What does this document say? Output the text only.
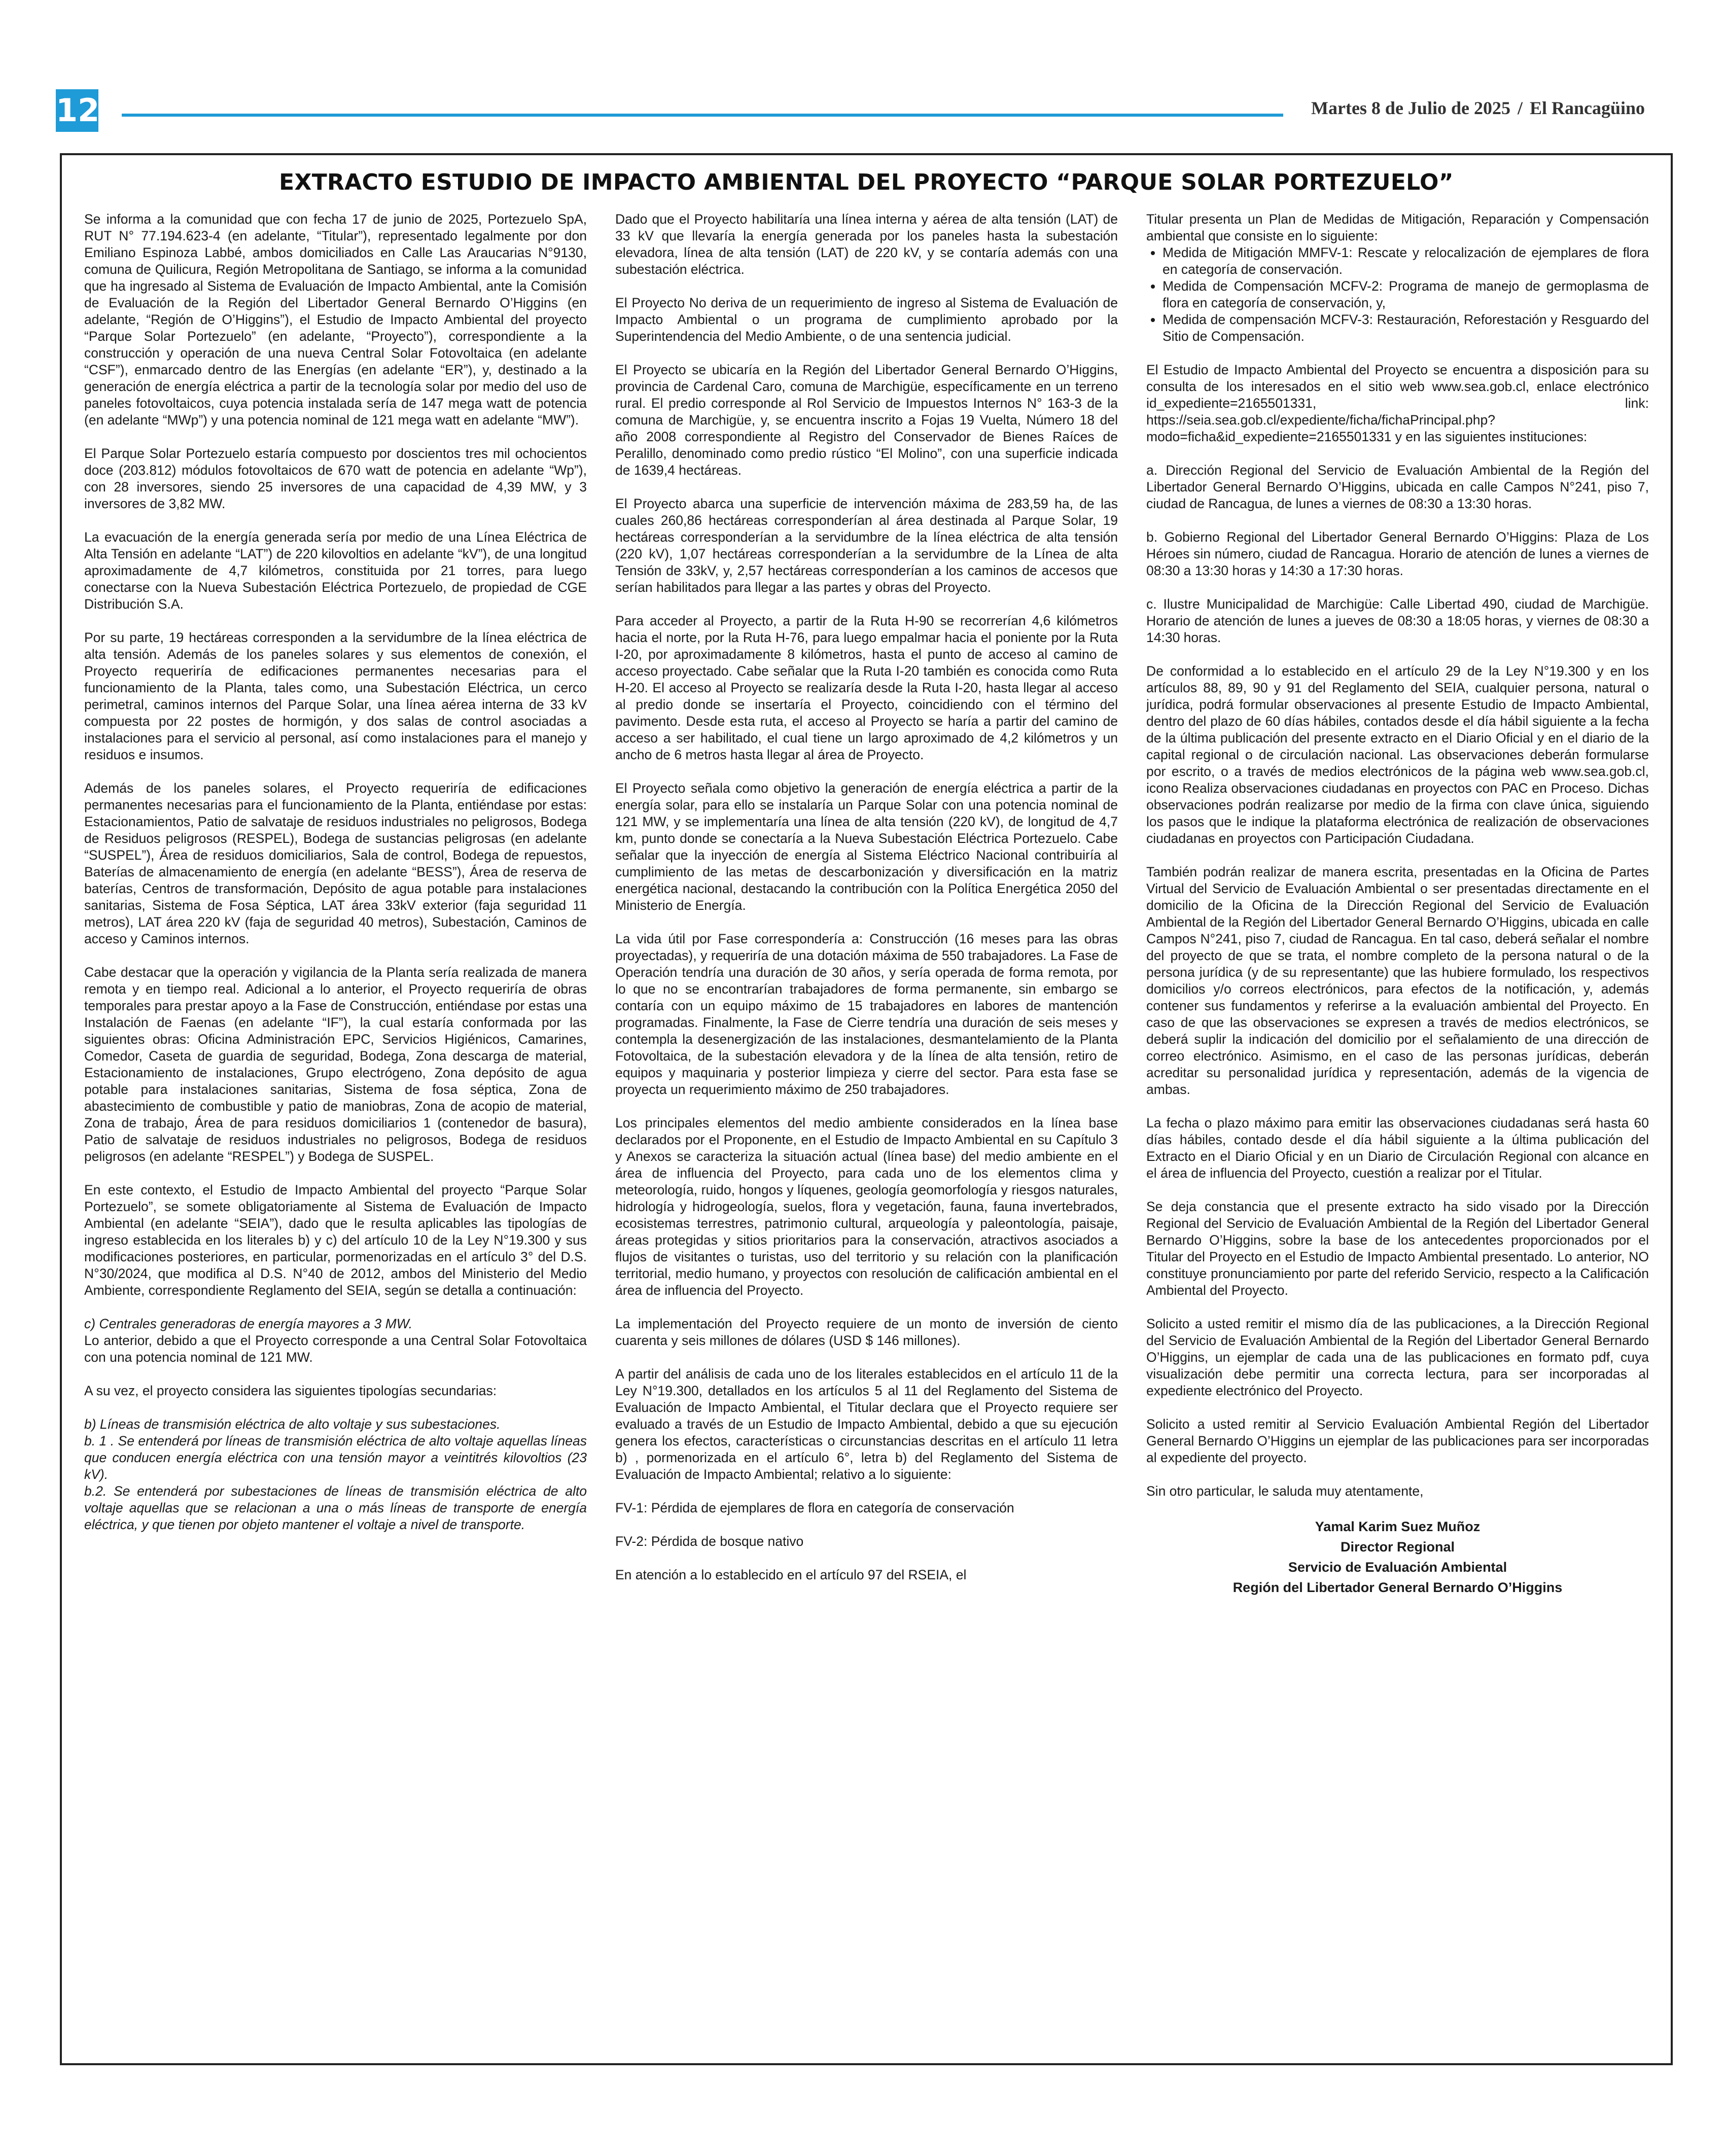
12	Martes 8 de Julio de 2025 / El Rancagüino
EXTRACTO ESTUDIO DE IMPACTO AMBIENTAL DEL PROYECTO “PARQUE SOLAR PORTEZUELO”

Se informa a la comunidad que con fecha 17 de junio de 2025, Portezuelo SpA, RUT N° 77.194.623-4 (en adelante, “Titular”), representado legalmente por don Emiliano Espinoza Labbé, ambos domiciliados en Calle Las Araucarias N°9130, comuna de Quilicura, Región Metropolitana de Santiago, se informa a la comunidad que ha ingresado al Sistema de Evaluación de Impacto Ambiental, ante la Comisión de Evaluación de la Región del Libertador General Bernardo O’Higgins (en adelante, “Región de O’Higgins”), el Estudio de Impacto Ambiental del proyecto “Parque Solar Portezuelo” (en adelante, “Proyecto”), correspondiente a la construcción y operación de una nueva Central Solar Fotovoltaica (en adelante “CSF”), enmarcado dentro de las Energías (en adelante “ER”), y, destinado a la generación de energía eléctrica a partir de la tecnología solar por medio del uso de paneles fotovoltaicos, cuya potencia instalada sería de 147 mega watt de potencia (en adelante “MWp”) y una potencia nominal de 121 mega watt en adelante “MW”).

El Parque Solar Portezuelo estaría compuesto por doscientos tres mil ochocientos doce (203.812) módulos fotovoltaicos de 670 watt de potencia en adelante “Wp”), con 28 inversores, siendo 25 inversores de una capacidad de 4,39 MW, y 3 inversores de 3,82 MW.

La evacuación de la energía generada sería por medio de una Línea Eléctrica de Alta Tensión en adelante “LAT”) de 220 kilovoltios en adelante “kV”), de una longitud aproximadamente de 4,7 kilómetros, constituida por 21 torres, para luego conectarse con la Nueva Subestación Eléctrica Portezuelo, de propiedad de CGE Distribución S.A.

Por su parte, 19 hectáreas corresponden a la servidumbre de la línea eléctrica de alta tensión. Además de los paneles solares y sus elementos de conexión, el Proyecto requeriría de edificaciones permanentes necesarias para el funcionamiento de la Planta, tales como, una Subestación Eléctrica, un cerco perimetral, caminos internos del Parque Solar, una línea aérea interna de 33 kV compuesta por 22 postes de hormigón, y dos salas de control asociadas a instalaciones para el servicio al personal, así como instalaciones para el manejo y residuos e insumos.

Además de los paneles solares, el Proyecto requeriría de edificaciones permanentes necesarias para el funcionamiento de la Planta, entiéndase por estas: Estacionamientos, Patio de salvataje de residuos industriales no peligrosos, Bodega de Residuos peligrosos (RESPEL), Bodega de sustancias peligrosas (en adelante “SUSPEL”), Área de residuos domiciliarios, Sala de control, Bodega de repuestos, Baterías de almacenamiento de energía (en adelante “BESS”), Área de reserva de baterías, Centros de transformación, Depósito de agua potable para instalaciones sanitarias, Sistema de Fosa Séptica, LAT área 33kV exterior (faja seguridad 11 metros), LAT área 220 kV (faja de seguridad 40 metros), Subestación, Caminos de acceso y Caminos internos.

Cabe destacar que la operación y vigilancia de la Planta sería realizada de manera remota y en tiempo real. Adicional a lo anterior, el Proyecto requeriría de obras temporales para prestar apoyo a la Fase de Construcción, entiéndase por estas una Instalación de Faenas (en adelante “IF”), la cual estaría conformada por las siguientes obras: Oficina Administración EPC, Servicios Higiénicos, Camarines, Comedor, Caseta de guardia de seguridad, Bodega, Zona descarga de material, Estacionamiento de instalaciones, Grupo electrógeno, Zona depósito de agua potable para instalaciones sanitarias, Sistema de fosa séptica, Zona de abastecimiento de combustible y patio de maniobras, Zona de acopio de material, Zona de trabajo, Área de para residuos domiciliarios 1 (contenedor de basura), Patio de salvataje de residuos industriales no peligrosos, Bodega de residuos peligrosos (en adelante “RESPEL”) y Bodega de SUSPEL.

En este contexto, el Estudio de Impacto Ambiental del proyecto “Parque Solar Portezuelo”, se somete obligatoriamente al Sistema de Evaluación de Impacto Ambiental (en adelante “SEIA”), dado que le resulta aplicables las tipologías de ingreso establecida en los literales b) y c) del artículo 10 de la Ley N°19.300 y sus modificaciones posteriores, en particular, pormenorizadas en el artículo 3° del D.S. N°30/2024, que modifica al D.S. N°40 de 2012, ambos del Ministerio del Medio Ambiente, correspondiente Reglamento del SEIA, según se detalla a continuación:

c) Centrales generadoras de energía mayores a 3 MW.

Lo anterior, debido a que el Proyecto corresponde a una Central Solar Fotovoltaica con una potencia nominal de 121 MW.

A su vez, el proyecto considera las siguientes tipologías secundarias:

b) Líneas de transmisión eléctrica de alto voltaje y sus subestaciones.

b. 1 . Se entenderá por líneas de transmisión eléctrica de alto voltaje aquellas líneas que conducen energía eléctrica con una tensión mayor a veintitrés kilovoltios (23 kV).

b.2. Se entenderá por subestaciones de líneas de transmisión eléctrica de alto voltaje aquellas que se relacionan a una o más líneas de transporte de energía eléctrica, y que tienen por objeto mantener el voltaje a nivel de transporte.

Dado que el Proyecto habilitaría una línea interna y aérea de alta tensión (LAT) de 33 kV que llevaría la energía generada por los paneles hasta la subestación elevadora, línea de alta tensión (LAT) de 220 kV, y se contaría además con una subestación eléctrica.

El Proyecto No deriva de un requerimiento de ingreso al Sistema de Evaluación de Impacto Ambiental o un programa de cumplimiento aprobado por la Superintendencia del Medio Ambiente, o de una sentencia judicial.

El Proyecto se ubicaría en la Región del Libertador General Bernardo O’Higgins, provincia de Cardenal Caro, comuna de Marchigüe, específicamente en un terreno rural. El predio corresponde al Rol Servicio de Impuestos Internos N° 163-3 de la comuna de Marchigüe, y, se encuentra inscrito a Fojas 19 Vuelta, Número 18 del año 2008 correspondiente al Registro del Conservador de Bienes Raíces de Peralillo, denominado como predio rústico “El Molino”, con una superficie indicada de 1639,4 hectáreas.

El Proyecto abarca una superficie de intervención máxima de 283,59 ha, de las cuales 260,86 hectáreas corresponderían al área destinada al Parque Solar, 19 hectáreas corresponderían a la servidumbre de la línea eléctrica de alta tensión (220 kV), 1,07 hectáreas corresponderían a la servidumbre de la Línea de alta Tensión de 33kV, y, 2,57 hectáreas corresponderían a los caminos de accesos que serían habilitados para llegar a las partes y obras del Proyecto.

Para acceder al Proyecto, a partir de la Ruta H-90 se recorrerían 4,6 kilómetros hacia el norte, por la Ruta H-76, para luego empalmar hacia el poniente por la Ruta I-20, por aproximadamente 8 kilómetros, hasta el punto de acceso al camino de acceso proyectado. Cabe señalar que la Ruta I-20 también es conocida como Ruta H-20. El acceso al Proyecto se realizaría desde la Ruta I-20, hasta llegar al acceso al predio donde se insertaría el Proyecto, coincidiendo con el término del pavimento. Desde esta ruta, el acceso al Proyecto se haría a partir del camino de acceso a ser habilitado, el cual tiene un largo aproximado de 4,2 kilómetros y un ancho de 6 metros hasta llegar al área de Proyecto.

El Proyecto señala como objetivo la generación de energía eléctrica a partir de la energía solar, para ello se instalaría un Parque Solar con una potencia nominal de 121 MW, y se implementaría una línea de alta tensión (220 kV), de longitud de 4,7 km, punto donde se conectaría a la Nueva Subestación Eléctrica Portezuelo. Cabe señalar que la inyección de energía al Sistema Eléctrico Nacional contribuiría al cumplimiento de las metas de descarbonización y diversificación en la matriz energética nacional, destacando la contribución con la Política Energética 2050 del Ministerio de Energía.

La vida útil por Fase correspondería a: Construcción (16 meses para las obras proyectadas), y requeriría de una dotación máxima de 550 trabajadores. La Fase de Operación tendría una duración de 30 años, y sería operada de forma remota, por lo que no se encontrarían trabajadores de forma permanente, sin embargo se contaría con un equipo máximo de 15 trabajadores en labores de mantención programadas. Finalmente, la Fase de Cierre tendría una duración de seis meses y contempla la desenergización de las instalaciones, desmantelamiento de la Planta Fotovoltaica, de la subestación elevadora y de la línea de alta tensión, retiro de equipos y maquinaria y posterior limpieza y cierre del sector. Para esta fase se proyecta un requerimiento máximo de 250 trabajadores.

Los principales elementos del medio ambiente considerados en la línea base declarados por el Proponente, en el Estudio de Impacto Ambiental en su Capítulo 3 y Anexos se caracteriza la situación actual (línea base) del medio ambiente en el área de influencia del Proyecto, para cada uno de los elementos clima y meteorología, ruido, hongos y líquenes, geología geomorfología y riesgos naturales, hidrología y hidrogeología, suelos, flora y vegetación, fauna, fauna invertebrados, ecosistemas terrestres, patrimonio cultural, arqueología y paleontología, paisaje, áreas protegidas y sitios prioritarios para la conservación, atractivos asociados a flujos de visitantes o turistas, uso del territorio y su relación con la planificación territorial, medio humano, y proyectos con resolución de calificación ambiental en el área de influencia del Proyecto.

La implementación del Proyecto requiere de un monto de inversión de ciento cuarenta y seis millones de dólares (USD $ 146 millones).

A partir del análisis de cada uno de los literales establecidos en el artículo 11 de la Ley N°19.300, detallados en los artículos 5 al 11 del Reglamento del Sistema de Evaluación de Impacto Ambiental, el Titular declara que el Proyecto requiere ser evaluado a través de un Estudio de Impacto Ambiental, debido a que su ejecución genera los efectos, características o circunstancias descritas en el artículo 11 letra b) , pormenorizada en el artículo 6°, letra b) del Reglamento del Sistema de Evaluación de Impacto Ambiental; relativo a lo siguiente:

FV-1: Pérdida de ejemplares de flora en categoría de conservación

FV-2: Pérdida de bosque nativo

En atención a lo establecido en el artículo 97 del RSEIA, el

Titular presenta un Plan de Medidas de Mitigación, Reparación y Compensación ambiental que consiste en lo siguiente:

• Medida de Mitigación MMFV-1: Rescate y relocalización de ejemplares de flora en categoría de conservación.
• Medida de Compensación MCFV-2: Programa de manejo de germoplasma de flora en categoría de conservación, y,
• Medida de compensación MCFV-3: Restauración, Reforestación y Resguardo del Sitio de Compensación.

El Estudio de Impacto Ambiental del Proyecto se encuentra a disposición para su consulta de los interesados en el sitio web www.sea.gob.cl, enlace electrónico id_expediente=2165501331, link: https://seia.sea.gob.cl/expediente/ficha/fichaPrincipal.php?modo=ficha&id_expediente=2165501331 y en las siguientes instituciones:

a. Dirección Regional del Servicio de Evaluación Ambiental de la Región del Libertador General Bernardo O’Higgins, ubicada en calle Campos N°241, piso 7, ciudad de Rancagua, de lunes a viernes de 08:30 a 13:30 horas.

b. Gobierno Regional del Libertador General Bernardo O’Higgins: Plaza de Los Héroes sin número, ciudad de Rancagua. Horario de atención de lunes a viernes de 08:30 a 13:30 horas y 14:30 a 17:30 horas.

c. Ilustre Municipalidad de Marchigüe: Calle Libertad 490, ciudad de Marchigüe. Horario de atención de lunes a jueves de 08:30 a 18:05 horas, y viernes de 08:30 a 14:30 horas.

De conformidad a lo establecido en el artículo 29 de la Ley N°19.300 y en los artículos 88, 89, 90 y 91 del Reglamento del SEIA, cualquier persona, natural o jurídica, podrá formular observaciones al presente Estudio de Impacto Ambiental, dentro del plazo de 60 días hábiles, contados desde el día hábil siguiente a la fecha de la última publicación del presente extracto en el Diario Oficial y en el diario de la capital regional o de circulación nacional. Las observaciones deberán formularse por escrito, o a través de medios electrónicos de la página web www.sea.gob.cl, icono Realiza observaciones ciudadanas en proyectos con PAC en Proceso. Dichas observaciones podrán realizarse por medio de la firma con clave única, siguiendo los pasos que le indique la plataforma electrónica de realización de observaciones ciudadanas en proyectos con Participación Ciudadana.

También podrán realizar de manera escrita, presentadas en la Oficina de Partes Virtual del Servicio de Evaluación Ambiental o ser presentadas directamente en el domicilio de la Oficina de la Dirección Regional del Servicio de Evaluación Ambiental de la Región del Libertador General Bernardo O’Higgins, ubicada en calle Campos N°241, piso 7, ciudad de Rancagua. En tal caso, deberá señalar el nombre del proyecto de que se trata, el nombre completo de la persona natural o de la persona jurídica (y de su representante) que las hubiere formulado, los respectivos domicilios y/o correos electrónicos, para efectos de la notificación, y, además contener sus fundamentos y referirse a la evaluación ambiental del Proyecto. En caso de que las observaciones se expresen a través de medios electrónicos, se deberá suplir la indicación del domicilio por el señalamiento de una dirección de correo electrónico. Asimismo, en el caso de las personas jurídicas, deberán acreditar su personalidad jurídica y representación, además de la vigencia de ambas.

La fecha o plazo máximo para emitir las observaciones ciudadanas será hasta 60 días hábiles, contado desde el día hábil siguiente a la última publicación del Extracto en el Diario Oficial y en un Diario de Circulación Regional con alcance en el área de influencia del Proyecto, cuestión a realizar por el Titular.

Se deja constancia que el presente extracto ha sido visado por la Dirección Regional del Servicio de Evaluación Ambiental de la Región del Libertador General Bernardo O’Higgins, sobre la base de los antecedentes proporcionados por el Titular del Proyecto en el Estudio de Impacto Ambiental presentado. Lo anterior, NO constituye pronunciamiento por parte del referido Servicio, respecto a la Calificación Ambiental del Proyecto.

Solicito a usted remitir el mismo día de las publicaciones, a la Dirección Regional del Servicio de Evaluación Ambiental de la Región del Libertador General Bernardo O’Higgins, un ejemplar de cada una de las publicaciones en formato pdf, cuya visualización debe permitir una correcta lectura, para ser incorporadas al expediente electrónico del Proyecto.

Solicito a usted remitir al Servicio Evaluación Ambiental Región del Libertador General Bernardo O’Higgins un ejemplar de las publicaciones para ser incorporadas al expediente del proyecto.

Sin otro particular, le saluda muy atentamente,

Yamal Karim Suez Muñoz
Director Regional
Servicio de Evaluación Ambiental
Región del Libertador General Bernardo O’Higgins
